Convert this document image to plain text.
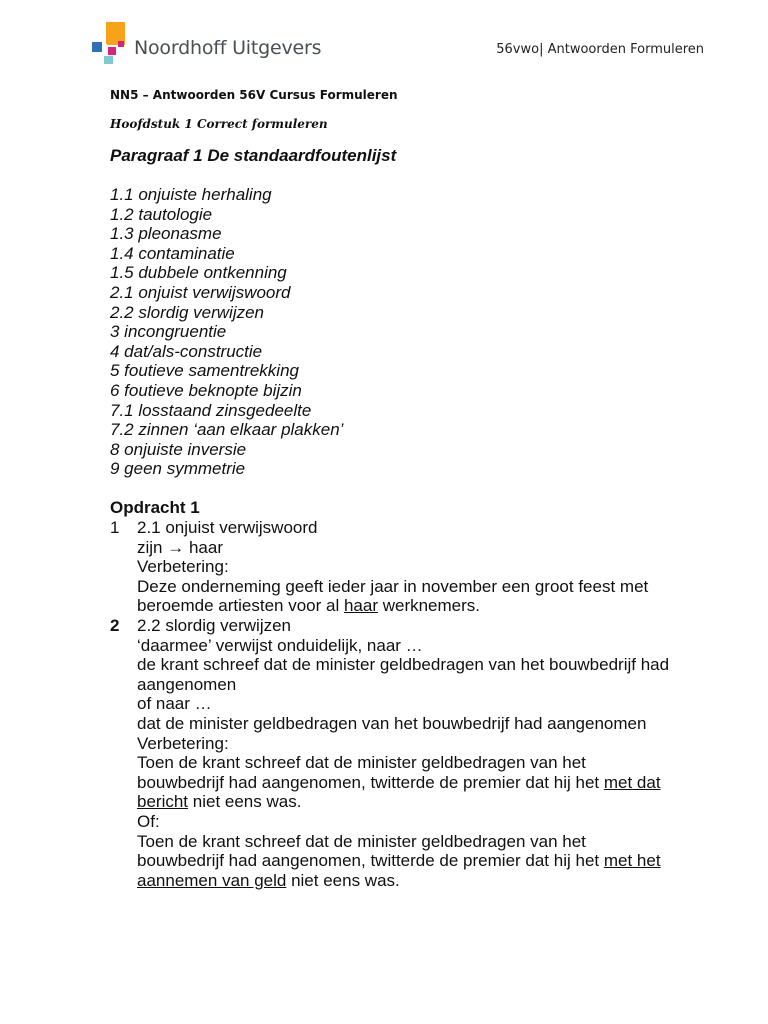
Noordhoff Uitgevers	56vwo| Antwoorden Formuleren
NN5 – Antwoorden 56V Cursus Formuleren
Hoofdstuk 1 Correct formuleren
Paragraaf 1 De standaardfoutenlijst
1.1 onjuiste herhaling
1.2 tautologie
1.3 pleonasme
1.4 contaminatie
1.5 dubbele ontkenning
2.1 onjuist verwijswoord
2.2 slordig verwijzen
3 incongruentie
4 dat/als-constructie
5 foutieve samentrekking
6 foutieve beknopte bijzin
7.1 losstaand zinsgedeelte
7.2 zinnen ‘aan elkaar plakken’
8 onjuiste inversie
9 geen symmetrie
Opdracht 1
1	2.1 onjuist verwijswoord
zijn → haar
Verbetering:
Deze onderneming geeft ieder jaar in november een groot feest met
beroemde artiesten voor al haar werknemers.
2	2.2 slordig verwijzen
‘daarmee’ verwijst onduidelijk, naar …
de krant schreef dat de minister geldbedragen van het bouwbedrijf had
aangenomen
of naar …
dat de minister geldbedragen van het bouwbedrijf had aangenomen
Verbetering:
Toen de krant schreef dat de minister geldbedragen van het
bouwbedrijf had aangenomen, twitterde de premier dat hij het met dat
bericht niet eens was.
Of:
Toen de krant schreef dat de minister geldbedragen van het
bouwbedrijf had aangenomen, twitterde de premier dat hij het met het
aannemen van geld niet eens was.
